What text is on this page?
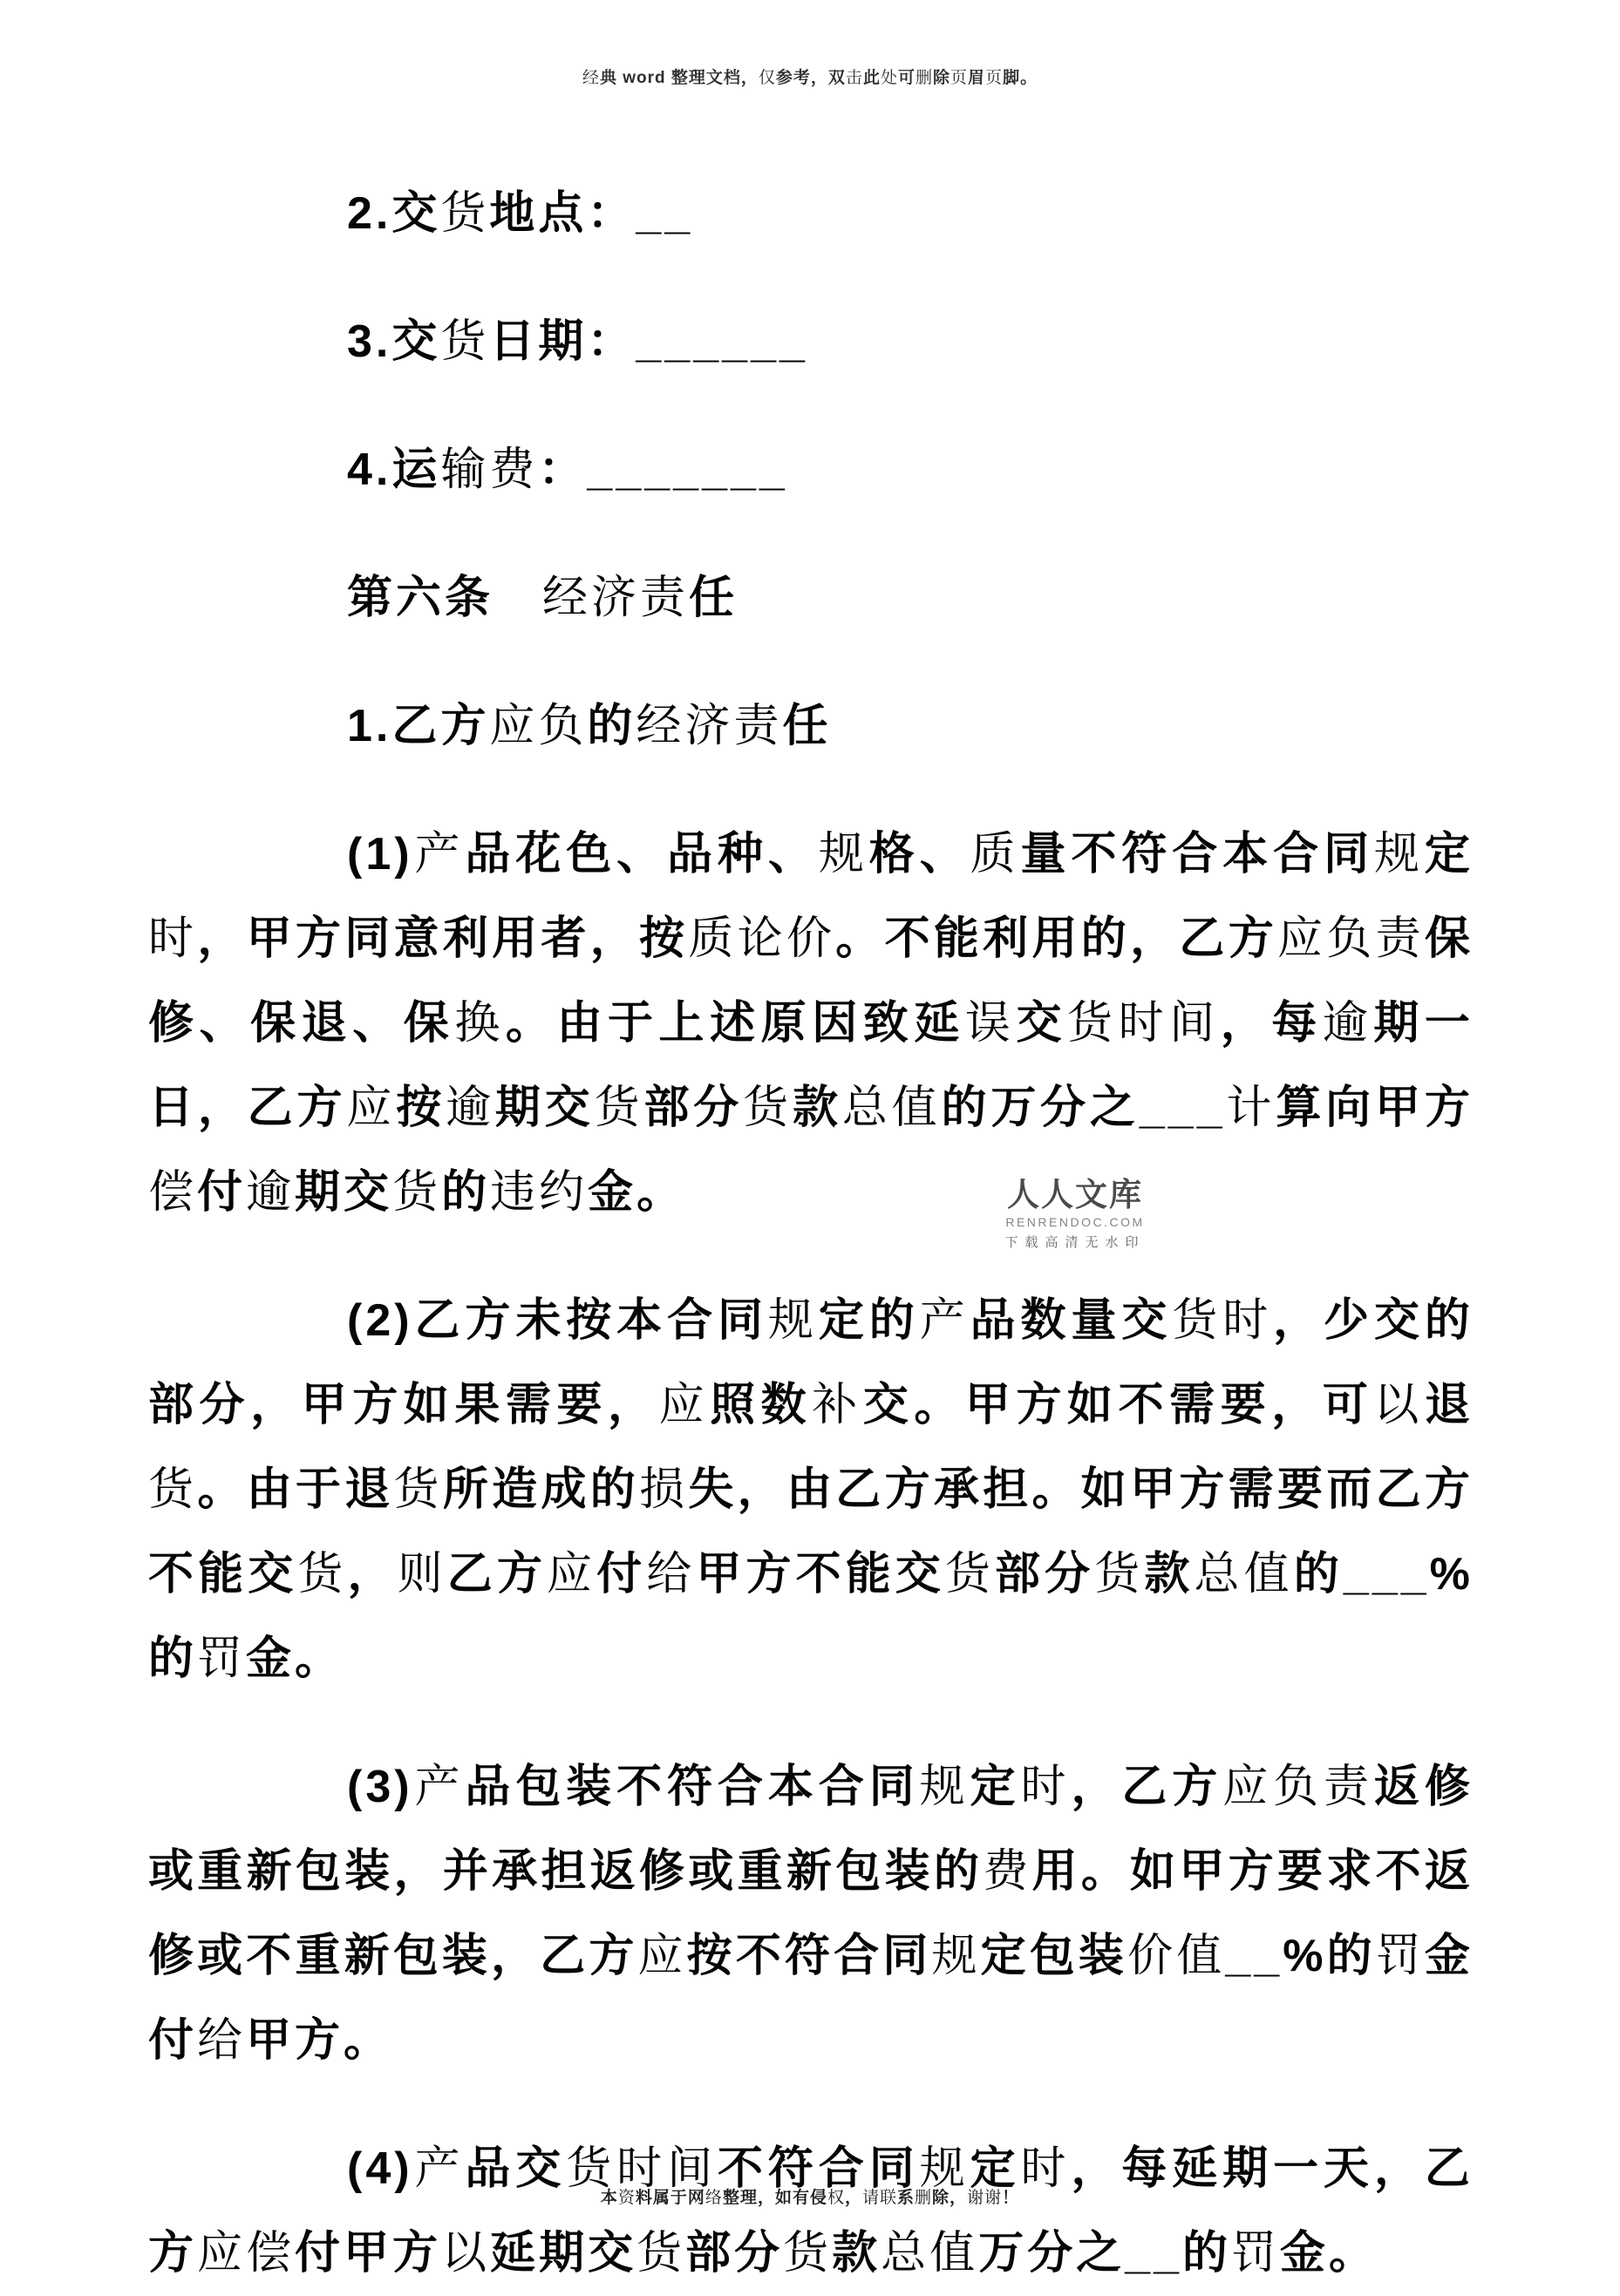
经典 word 整理文档，仅参考，双击此处可删除页眉页脚。

2.交货地点：__

3.交货日期：______

4.运输费：_______

第六条　经济责任

1.乙方应负的经济责任

(1)产品花色、品种、规格、质量不符合本合同规定时，甲方同意利用者，按质论价。不能利用的，乙方应负责保修、保退、保换。由于上述原因致延误交货时间，每逾期一日，乙方应按逾期交货部分货款总值的万分之___计算向甲方偿付逾期交货的违约金。

(2)乙方未按本合同规定的产品数量交货时，少交的部分，甲方如果需要，应照数补交。甲方如不需要，可以退货。由于退货所造成的损失，由乙方承担。如甲方需要而乙方不能交货，则乙方应付给甲方不能交货部分货款总值的___%的罚金。

(3)产品包装不符合本合同规定时，乙方应负责返修或重新包装，并承担返修或重新包装的费用。如甲方要求不返修或不重新包装，乙方应按不符合同规定包装价值__%的罚金付给甲方。

(4)产品交货时间不符合同规定时，每延期一天，乙方应偿付甲方以延期交货部分货款总值万分之__的罚金。

人人文库
RENRENDOC.COM
下载高清无水印
本资料属于网络整理，如有侵权，请联系删除，谢谢！
